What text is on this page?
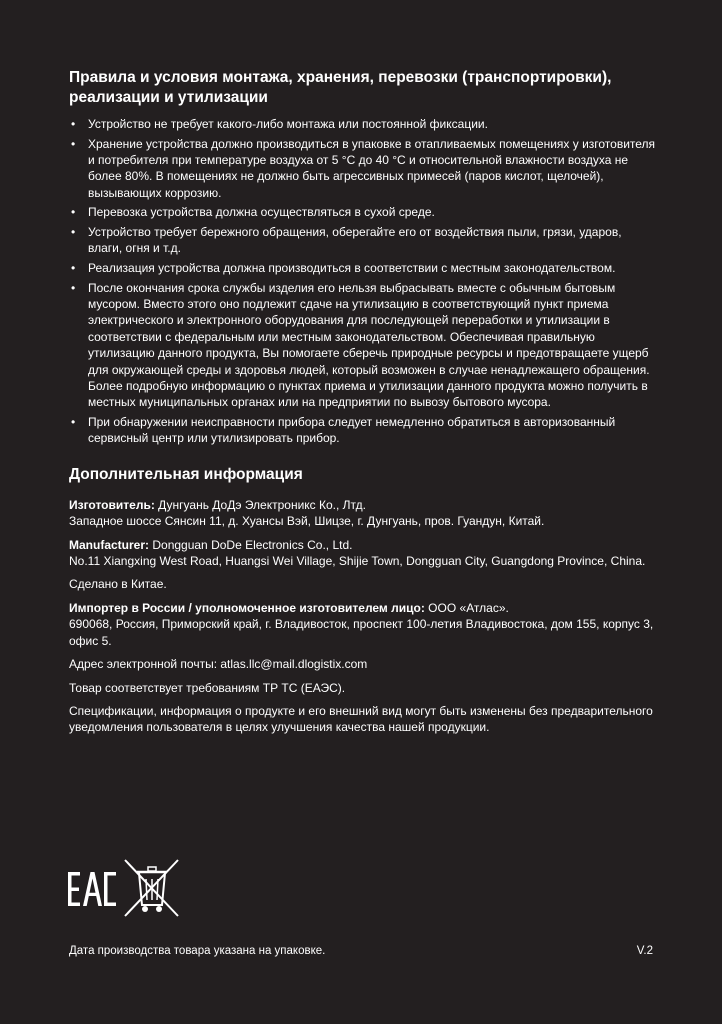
Правила и условия монтажа, хранения, перевозки (транспортировки), реализации и утилизации
• Устройство не требует какого-либо монтажа или постоянной фиксации.
• Хранение устройства должно производиться в упаковке в отапливаемых помещениях у изготовителя и потребителя при температуре воздуха от 5 °С до 40 °С и относительной влажности воздуха не более 80%. В помещениях не должно быть агрессивных примесей (паров кислот, щелочей), вызывающих коррозию.
• Перевозка устройства должна осуществляться в сухой среде.
• Устройство требует бережного обращения, оберегайте его от воздействия пыли, грязи, ударов, влаги, огня и т.д.
• Реализация устройства должна производиться в соответствии с местным законодательством.
• После окончания срока службы изделия его нельзя выбрасывать вместе с обычным бытовым мусором. Вместо этого оно подлежит сдаче на утилизацию в соответствующий пункт приема электрического и электронного оборудования для последующей переработки и утилизации в соответствии с федеральным или местным законодательством. Обеспечивая правильную утилизацию данного продукта, Вы помогаете сберечь природные ресурсы и предотвращаете ущерб для окружающей среды и здоровья людей, который возможен в случае ненадлежащего обращения. Более подробную информацию о пунктах приема и утилизации данного продукта можно получить в местных муниципальных органах или на предприятии по вывозу бытового мусора.
• При обнаружении неисправности прибора следует немедленно обратиться в авторизованный сервисный центр или утилизировать прибор.
Дополнительная информация

Изготовитель: Дунгуань ДоДэ Электроникс Ко., Лтд.
Западное шоссе Сянсин 11, д. Хуансы Вэй, Шицзе, г. Дунгуань, пров. Гуандун, Китай.

Manufacturer: Dongguan DoDe Electronics Co., Ltd.
No.11 Xiangxing West Road, Huangsi Wei Village, Shijie Town, Dongguan City, Guangdong Province, China.

Сделано в Китае.

Импортер в России / уполномоченное изготовителем лицо: ООО «Атлас».
690068, Россия, Приморский край, г. Владивосток, проспект 100-летия Владивостока, дом 155, корпус 3, офис 5.

Адрес электронной почты: atlas.llc@mail.dlogistix.com

Товар соответствует требованиям ТР ТС (ЕАЭС).

Спецификации, информация о продукте и его внешний вид могут быть изменены без предварительного уведомления пользователя в целях улучшения качества нашей продукции.

Дата производства товара указана на упаковке.	V.2
